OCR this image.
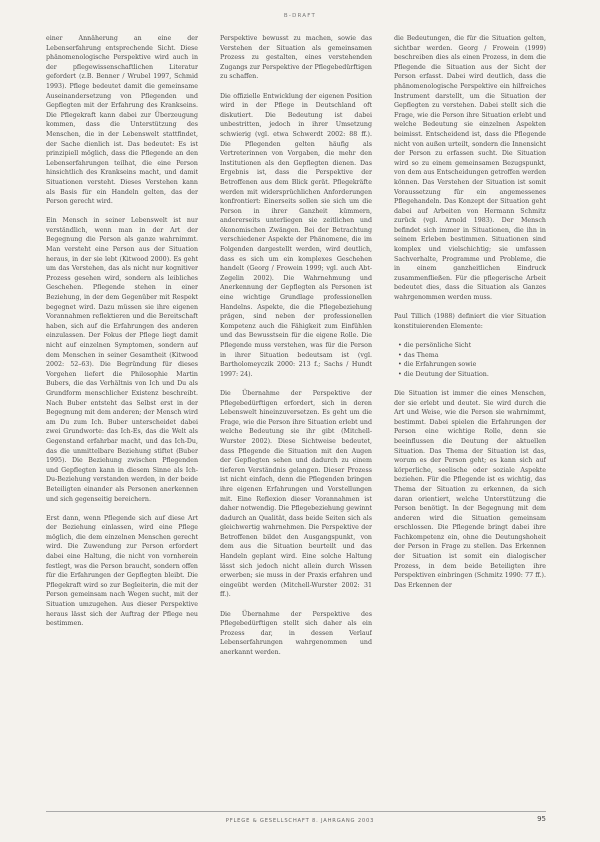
B-DRAFT

einer Annäherung an eine der Lebenserfahrung entsprechende Sicht. Diese phänomenologische Perspektive wird auch in der pflegewissenschaftlichen Literatur gefordert (z.B. Benner / Wrubel 1997, Schmid 1993). Pflege bedeutet damit die gemeinsame Auseinandersetzung von Pflegenden und Gepflegten mit der Erfahrung des Krankseins. Die Pflegekraft kann dabei zur Überzeugung kommen, dass die Unterstützung des Menschen, die in der Lebenswelt stattfindet, der Sache dienlich ist. Das bedeutet: Es ist prinzipiell möglich, dass die Pflegende an den Lebenserfahrungen teilhat, die eine Person hinsichtlich des Krankseins macht, und damit Situationen versteht. Dieses Verstehen kann als Basis für ein Handeln gelten, das der Person gerecht wird.

Ein Mensch in seiner Lebenswelt ist nur verständlich, wenn man in der Art der Begegnung die Person als ganze wahrnimmt. Man versteht eine Person aus der Situation heraus, in der sie lebt (Kitwood 2000). Es geht um das Verstehen, das als nicht nur kognitiver Prozess gesehen wird, sondern als leibliches Geschehen. Pflegende stehen in einer Beziehung, in der dem Gegenüber mit Respekt begegnet wird. Dazu müssen sie ihre eigenen Vorannahmen reflektieren und die Bereitschaft haben, sich auf die Erfahrungen des anderen einzulassen. Der Fokus der Pflege liegt damit nicht auf einzelnen Symptomen, sondern auf dem Menschen in seiner Gesamtheit (Kitwood 2002: 52–63). Die Begründung für dieses Vorgehen liefert die Philosophie Martin Bubers, die das Verhältnis von Ich und Du als Grundform menschlicher Existenz beschreibt. Nach Buber entsteht das Selbst erst in der Begegnung mit dem anderen; der Mensch wird am Du zum Ich. Buber unterscheidet dabei zwei Grundworte: das Ich-Es, das die Welt als Gegenstand erfahrbar macht, und das Ich-Du, das die unmittelbare Beziehung stiftet (Buber 1995). Die Beziehung zwischen Pflegenden und Gepflegten kann in diesem Sinne als Ich-Du-Beziehung verstanden werden, in der beide Beteiligten einander als Personen anerkennen und sich gegenseitig bereichern.

Erst dann, wenn Pflegende sich auf diese Art der Beziehung einlassen, wird eine Pflege möglich, die dem einzelnen Menschen gerecht wird. Die Zuwendung zur Person erfordert dabei eine Haltung, die nicht von vornherein festlegt, was die Person braucht, sondern offen für die Erfahrungen der Gepflegten bleibt. Die Pflegekraft wird so zur Begleiterin, die mit der Person gemeinsam nach Wegen sucht, mit der Situation umzugehen. Aus dieser Perspektive heraus lässt sich der Auftrag der Pflege neu bestimmen.

Perspektive bewusst zu machen, sowie das Verstehen der Situation als gemeinsamen Prozess zu gestalten, eines verstehenden Zugangs zur Perspektive der Pflegebedürftigen zu schaffen.

Die offizielle Entwicklung der eigenen Position wird in der Pflege in Deutschland oft diskutiert. Die Bedeutung ist dabei unbestritten, jedoch in ihrer Umsetzung schwierig (vgl. etwa Schwerdt 2002: 88 ff.). Die Pflegenden gelten häufig als Vertreterinnen von Vorgaben, die mehr den Institutionen als den Gepflegten dienen. Das Ergebnis ist, dass die Perspektive der Betroffenen aus dem Blick gerät. Pflegekräfte werden mit widersprüchlichen Anforderungen konfrontiert: Einerseits sollen sie sich um die Person in ihrer Ganzheit kümmern, andererseits unterliegen sie zeitlichen und ökonomischen Zwängen. Bei der Betrachtung verschiedener Aspekte der Phänomene, die im Folgenden dargestellt werden, wird deutlich, dass es sich um ein komplexes Geschehen handelt (Georg / Frowein 1999; vgl. auch Abt-Zegelin 2002). Die Wahrnehmung und Anerkennung der Gepflegten als Personen ist eine wichtige Grundlage professionellen Handelns. Aspekte, die die Pflegebeziehung prägen, sind neben der professionellen Kompetenz auch die Fähigkeit zum Einfühlen und das Bewusstsein für die eigene Rolle. Die Pflegende muss verstehen, was für die Person in ihrer Situation bedeutsam ist (vgl. Bartholomeyczik 2000: 213 f.; Sachs / Hundt 1997: 24).

Die Übernahme der Perspektive der Pflegebedürftigen erfordert, sich in deren Lebenswelt hineinzuversetzen. Es geht um die Frage, wie die Person ihre Situation erlebt und welche Bedeutung sie ihr gibt (Mitchell-Wurster 2002). Diese Sichtweise bedeutet, dass Pflegende die Situation mit den Augen der Gepflegten sehen und dadurch zu einem tieferen Verständnis gelangen. Dieser Prozess ist nicht einfach, denn die Pflegenden bringen ihre eigenen Erfahrungen und Vorstellungen mit. Eine Reflexion dieser Vorannahmen ist daher notwendig. Die Pflegebeziehung gewinnt dadurch an Qualität, dass beide Seiten sich als gleichwertig wahrnehmen. Die Perspektive der Betroffenen bildet den Ausgangspunkt, von dem aus die Situation beurteilt und das Handeln geplant wird. Eine solche Haltung lässt sich jedoch nicht allein durch Wissen erwerben; sie muss in der Praxis erfahren und eingeübt werden (Mitchell-Wurster 2002: 31 ff.).

Die Übernahme der Perspektive des Pflegebedürftigen stellt sich daher als ein Prozess dar, in dessen Verlauf Lebenserfahrungen wahrgenommen und anerkannt werden.

die Bedeutungen, die für die Situation gelten, sichtbar werden. Georg / Frowein (1999) beschreiben dies als einen Prozess, in dem die Pflegende die Situation aus der Sicht der Person erfasst. Dabei wird deutlich, dass die phänomenologische Perspektive ein hilfreiches Instrument darstellt, um die Situation der Gepflegten zu verstehen. Dabei stellt sich die Frage, wie die Person ihre Situation erlebt und welche Bedeutung sie einzelnen Aspekten beimisst. Entscheidend ist, dass die Pflegende nicht von außen urteilt, sondern die Innensicht der Person zu erfassen sucht. Die Situation wird so zu einem gemeinsamen Bezugspunkt, von dem aus Entscheidungen getroffen werden können. Das Verstehen der Situation ist somit Voraussetzung für ein angemessenes Pflegehandeln. Das Konzept der Situation geht dabei auf Arbeiten von Hermann Schmitz zurück (vgl. Arnold 1983). Der Mensch befindet sich immer in Situationen, die ihn in seinem Erleben bestimmen. Situationen sind komplex und vielschichtig; sie umfassen Sachverhalte, Programme und Probleme, die in einem ganzheitlichen Eindruck zusammenfließen. Für die pflegerische Arbeit bedeutet dies, dass die Situation als Ganzes wahrgenommen werden muss.

Paul Tillich (1988) definiert die vier Situation konstituierenden Elemente:

• die persönliche Sicht
• das Thema
• die Erfahrungen sowie
• die Deutung der Situation.

Die Situation ist immer die eines Menschen, der sie erlebt und deutet. Sie wird durch die Art und Weise, wie die Person sie wahrnimmt, bestimmt. Dabei spielen die Erfahrungen der Person eine wichtige Rolle, denn sie beeinflussen die Deutung der aktuellen Situation. Das Thema der Situation ist das, worum es der Person geht; es kann sich auf körperliche, seelische oder soziale Aspekte beziehen. Für die Pflegende ist es wichtig, das Thema der Situation zu erkennen, da sich daran orientiert, welche Unterstützung die Person benötigt. In der Begegnung mit dem anderen wird die Situation gemeinsam erschlossen. Die Pflegende bringt dabei ihre Fachkompetenz ein, ohne die Deutungshoheit der Person in Frage zu stellen. Das Erkennen der Situation ist somit ein dialogischer Prozess, in dem beide Beteiligten ihre Perspektiven einbringen (Schmitz 1990: 77 ff.). Das Erkennen der

PFLEGE & GESELLSCHAFT 8. JAHRGANG 2003	95
